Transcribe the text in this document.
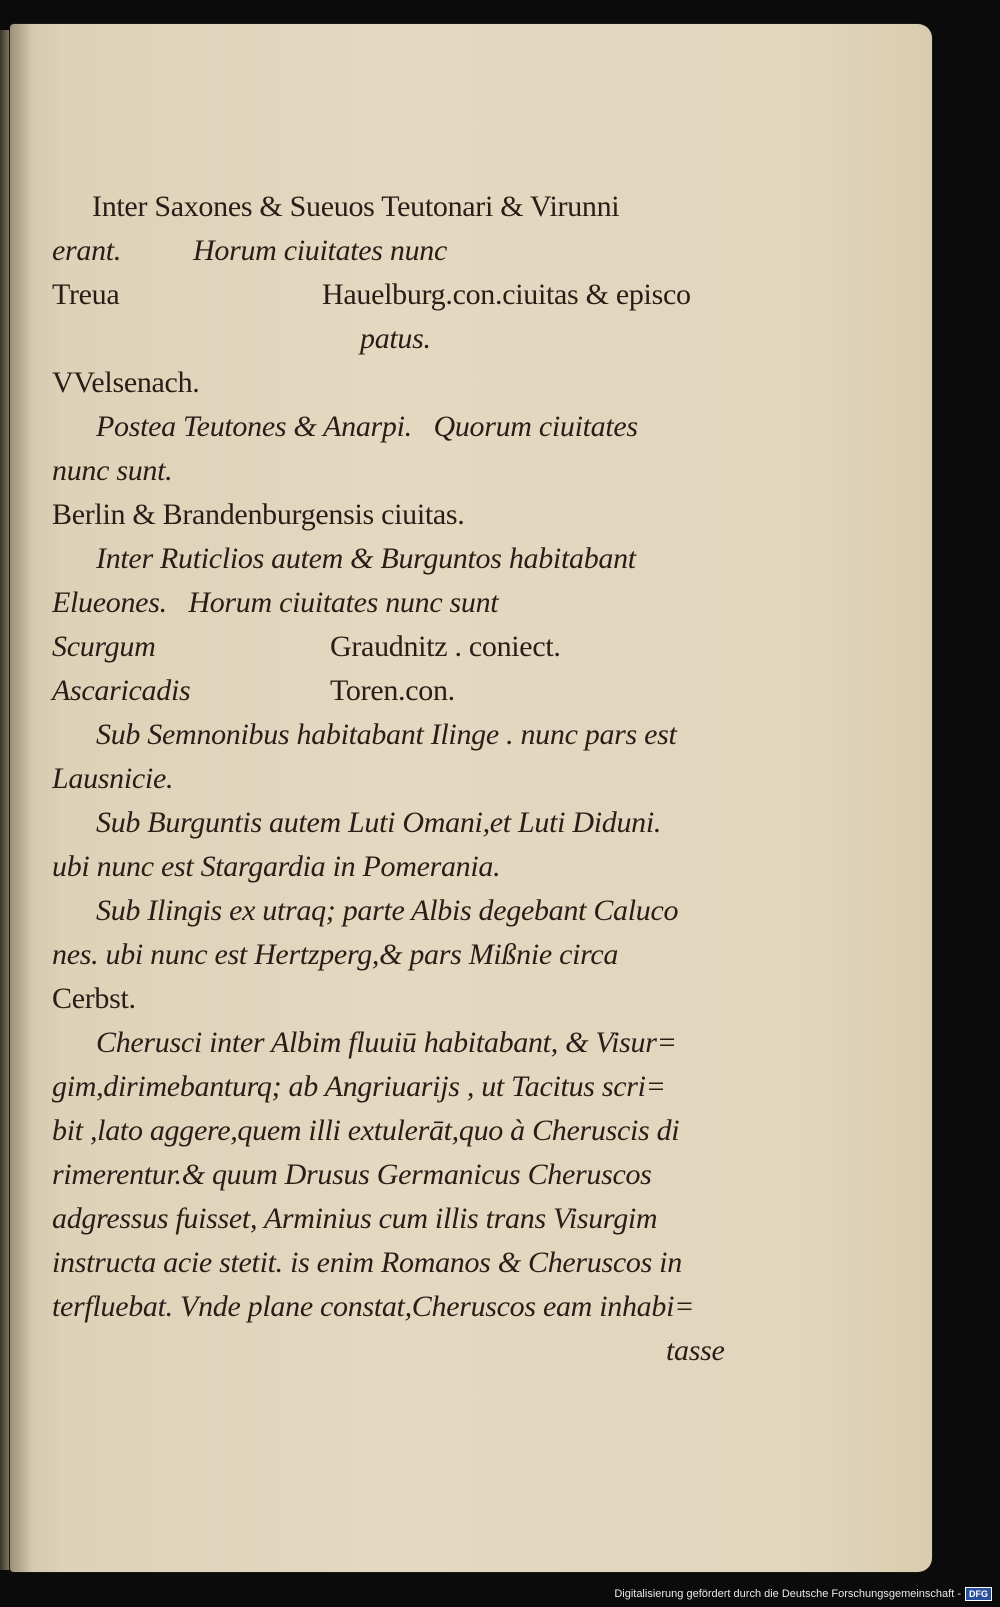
Inter Saxones & Sueuos Teutonari & Virunni
erant.          Horum ciuitates nunc
Treua	Hauelburg.con.ciuitas & episco
patus.
VVelsenach.
Postea Teutones & Anarpi.   Quorum ciuitates
nunc sunt.
Berlin & Brandenburgensis ciuitas.
Inter Ruticlios autem & Burguntos habitabant
Elueones.   Horum ciuitates nunc sunt
Scurgum	Graudnitz . coniect.
Ascaricadis	Toren.con.
Sub Semnonibus habitabant Ilinge . nunc pars est
Lausnicie.
Sub Burguntis autem Luti Omani,et Luti Diduni.
ubi nunc est Stargardia in Pomerania.
Sub Ilingis ex utraq; parte Albis degebant Caluco
nes. ubi nunc est Hertzperg,& pars Mißnie circa
Cerbst.
Cherusci inter Albim fluuiū habitabant, & Visur=
gim,dirimebanturq; ab Angriuarijs , ut Tacitus scri=
bit ,lato aggere,quem illi extulerāt,quo à Cheruscis di
rimerentur.& quum Drusus Germanicus Cheruscos
adgressus fuisset, Arminius cum illis trans Visurgim
instructa acie stetit. is enim Romanos & Cheruscos in
terfluebat. Vnde plane constat,Cheruscos eam inhabi=
tasse
Digitalisierung gefördert durch die Deutsche Forschungsgemeinschaft - DFG
